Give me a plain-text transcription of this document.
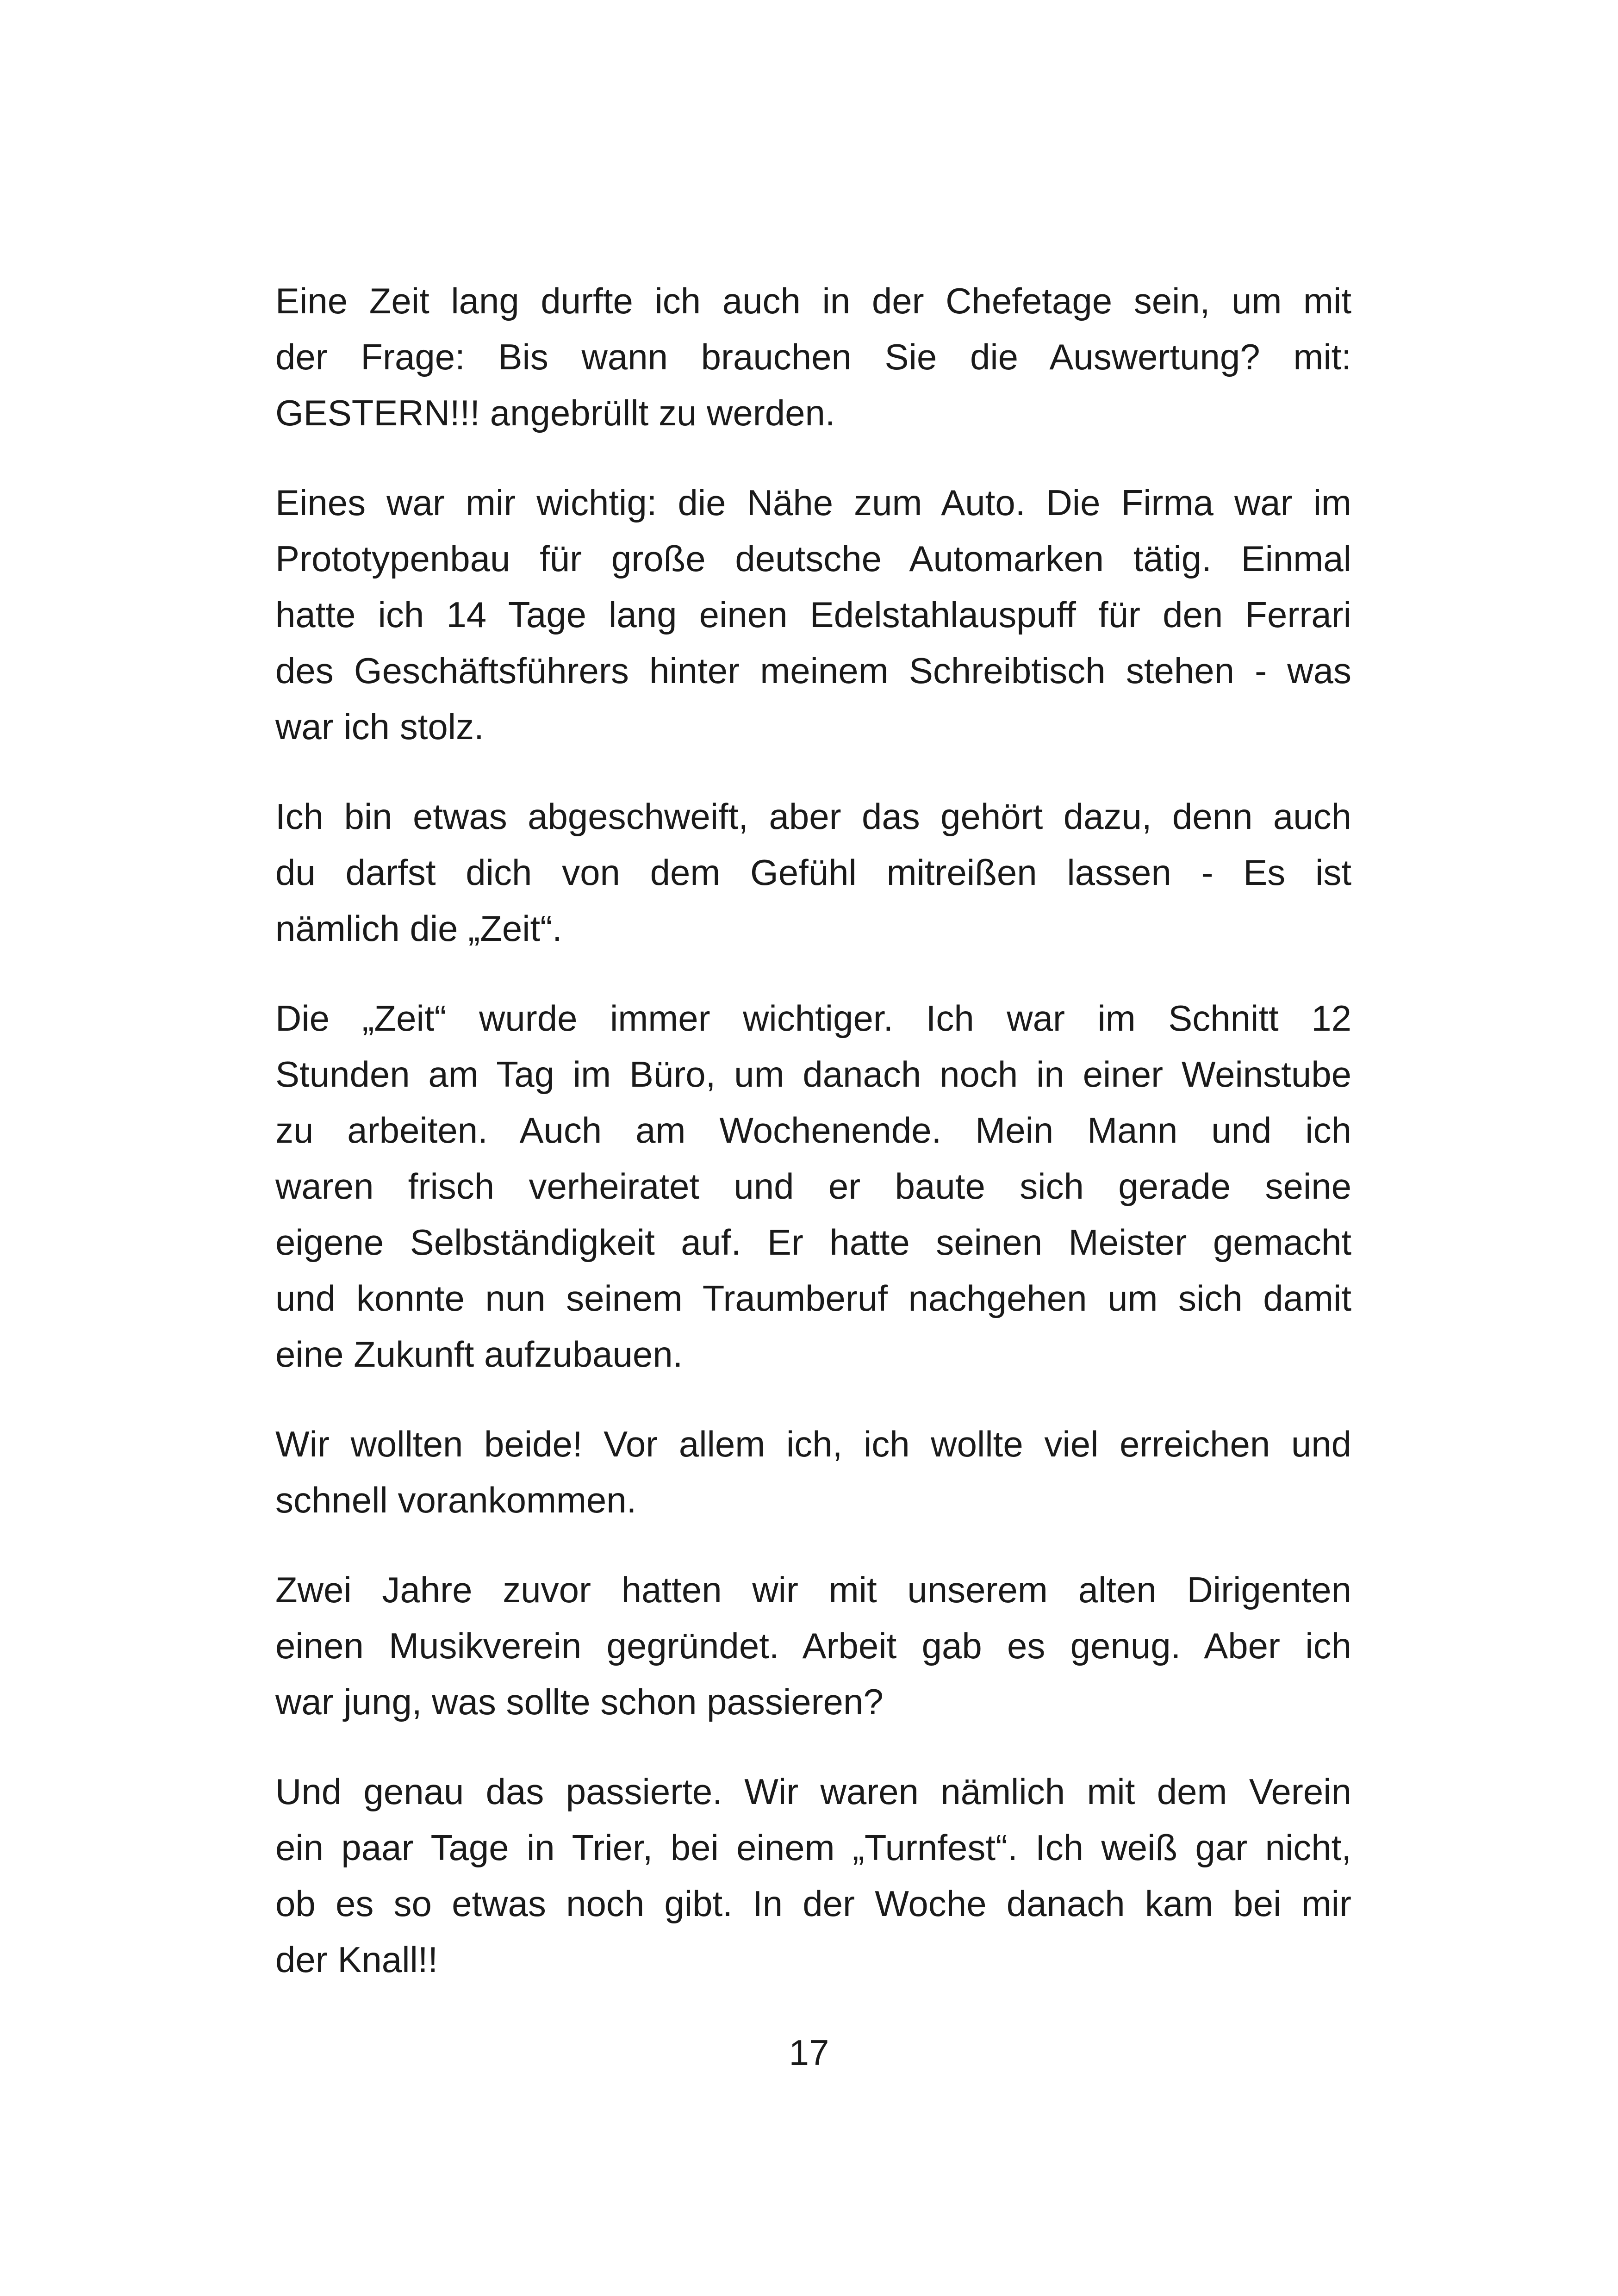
Eine Zeit lang durfte ich auch in der Chefetage sein, um mit
der Frage: Bis wann brauchen Sie die Auswertung? mit:
GESTERN!!! angebrüllt zu werden.
Eines war mir wichtig: die Nähe zum Auto. Die Firma war im
Prototypenbau für große deutsche Automarken tätig. Einmal
hatte ich 14 Tage lang einen Edelstahlauspuff für den Ferrari
des Geschäftsführers hinter meinem Schreibtisch stehen - was
war ich stolz.
Ich bin etwas abgeschweift, aber das gehört dazu, denn auch
du darfst dich von dem Gefühl mitreißen lassen - Es ist
nämlich die „Zeit“.
Die „Zeit“ wurde immer wichtiger. Ich war im Schnitt 12
Stunden am Tag im Büro, um danach noch in einer Weinstube
zu arbeiten. Auch am Wochenende. Mein Mann und ich
waren frisch verheiratet und er baute sich gerade seine
eigene Selbständigkeit auf. Er hatte seinen Meister gemacht
und konnte nun seinem Traumberuf nachgehen um sich damit
eine Zukunft aufzubauen.
Wir wollten beide! Vor allem ich, ich wollte viel erreichen und
schnell vorankommen.
Zwei Jahre zuvor hatten wir mit unserem alten Dirigenten
einen Musikverein gegründet. Arbeit gab es genug. Aber ich
war jung, was sollte schon passieren?
Und genau das passierte. Wir waren nämlich mit dem Verein
ein paar Tage in Trier, bei einem „Turnfest“. Ich weiß gar nicht,
ob es so etwas noch gibt. In der Woche danach kam bei mir
der Knall!!
17
